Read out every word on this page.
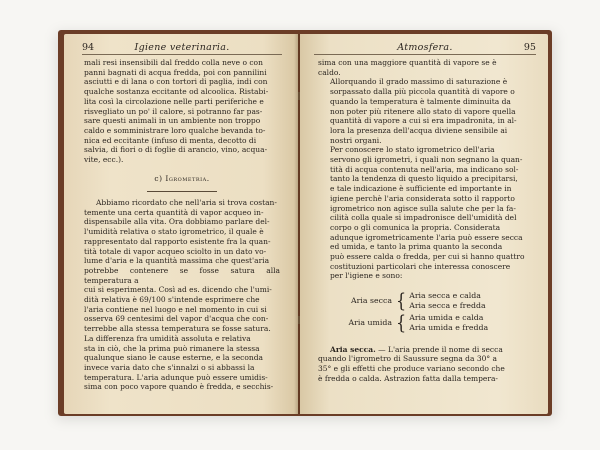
94	Igiene veterinaria.
mali resi insensibili dal freddo colla neve o con
panni bagnati di acqua fredda, poi con pannilini
asciutti e di lana o con tortori di paglia, indi con
qualche sostanza eccitante od alcoolica. Ristabi-
lita così la circolazione nelle parti periferiche e
risvegliato un po' il calore, si potranno far pas-
sare questi animali in un ambiente non troppo
caldo e somministrare loro qualche bevanda to-
nica ed eccitante (infuso di menta, decotto di
salvia, di fiori o di foglie di arancio, vino, acqua-
vite, ecc.).
c) Igrometria.
Abbiamo ricordato che nell'aria si trova costan-
temente una certa quantità di vapor acqueo in-
dispensabile alla vita. Ora dobbiamo parlare del-
l'umidità relativa o stato igrometrico, il quale è
rappresentato dal rapporto esistente fra la quan-
tità totale di vapor acqueo sciolto in un dato vo-
lume d'aria e la quantità massima che quest'aria
potrebbe contenere se fosse satura alla temperatura a
cui si esperimenta. Così ad es. dicendo che l'umi-
dità relativa è 69/100 s'intende esprimere che
l'aria contiene nel luogo e nel momento in cui si
osserva 69 centesimi del vapor d'acqua che con-
terrebbe alla stessa temperatura se fosse satura.
La differenza fra umidità assoluta e relativa
sta in ciò, che la prima può rimanere la stessa
qualunque siano le cause esterne, e la seconda
invece varia dato che s'innalzi o si abbassi la
temperatura. L'aria adunque può essere umidis-
sima con poco vapore quando è fredda, e secchis-
Atmosfera.	95
sima con una maggiore quantità di vapore se è
caldo.
Allorquando il grado massimo di saturazione è
sorpassato dalla più piccola quantità di vapore o
quando la temperatura è talmente diminuita da
non poter più ritenere allo stato di vapore quella
quantità di vapore a cui si era impadronita, in al-
lora la presenza dell'acqua diviene sensibile ai
nostri organi.
Per conoscere lo stato igrometrico dell'aria
servono gli igrometri, i quali non segnano la quan-
tità di acqua contenuta nell'aria, ma indicano sol-
tanto la tendenza di questo liquido a precipitarsi,
e tale indicazione è sufficiente ed importante in
igiene perchè l'aria considerata sotto il rapporto
igrometrico non agisce sulla salute che per la fa-
cilità colla quale si impadronisce dell'umidità del
corpo o gli comunica la propria. Considerata
adunque igrometricamente l'aria può essere secca
ed umida, e tanto la prima quanto la seconda
può essere calda o fredda, per cui si hanno quattro
costituzioni particolari che interessa conoscere
per l'igiene e sono:
Aria secca { Aria secca e calda
Aria secca e fredda
Aria umida { Aria umida e calda
Aria umida e fredda
Aria secca. — L'aria prende il nome di secca
quando l'igrometro di Saussure segna da 30° a
35° e gli effetti che produce variano secondo che
è fredda o calda. Astrazion fatta dalla tempera-
